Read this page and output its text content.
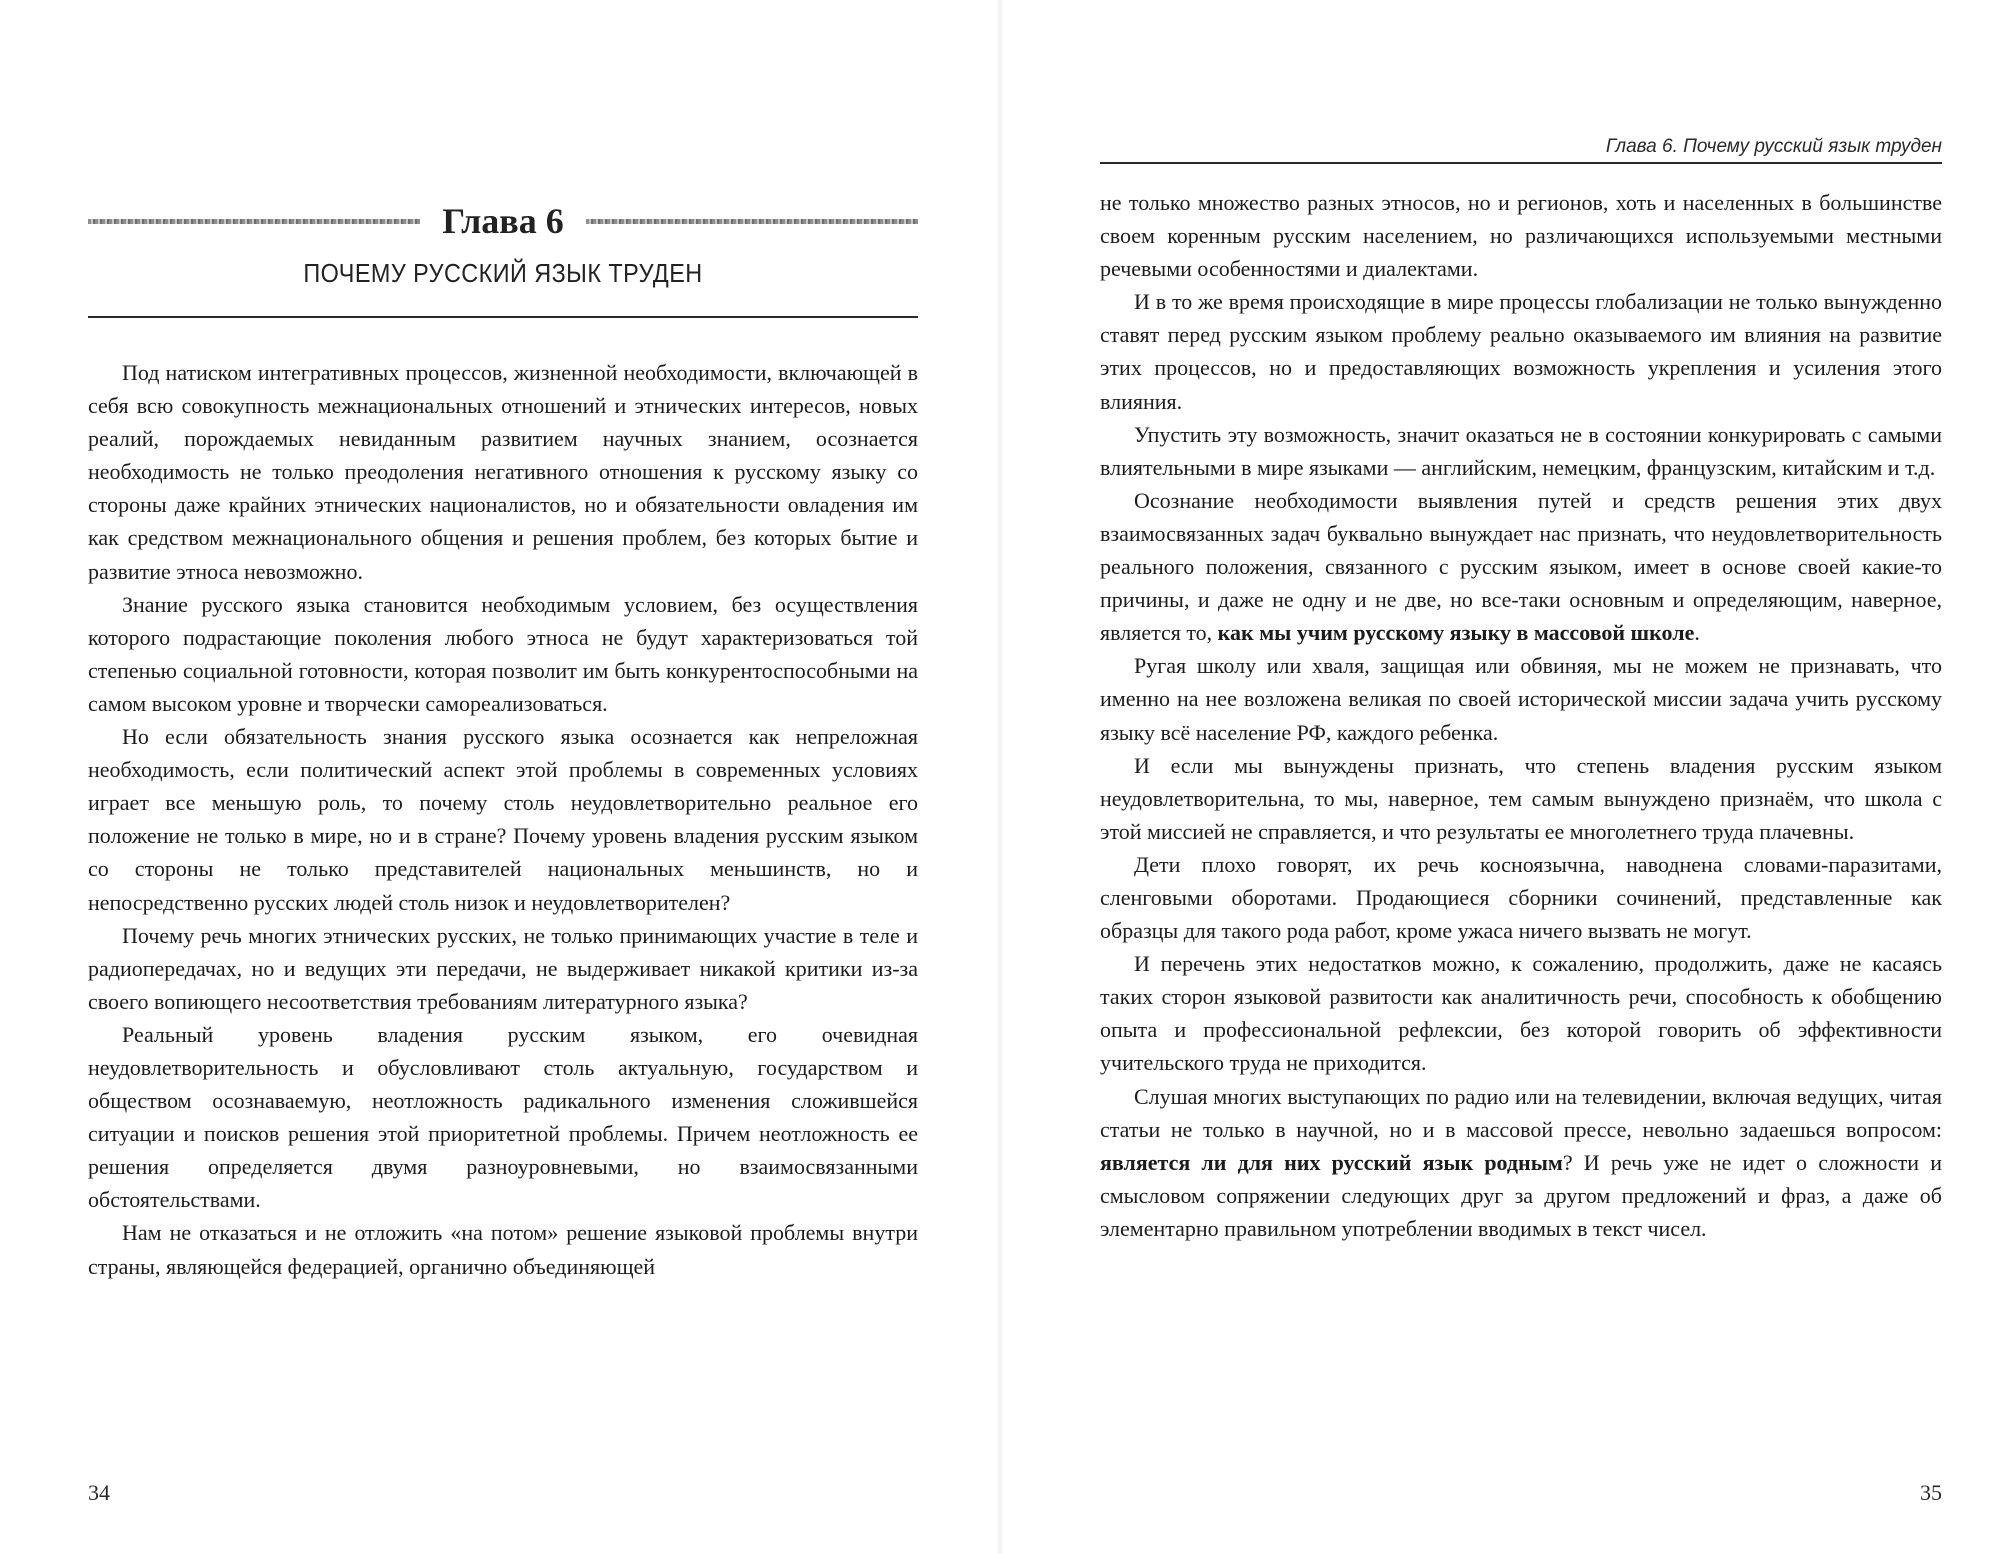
Глава 6
ПОЧЕМУ РУССКИЙ ЯЗЫК ТРУДЕН

Под натиском интегративных процессов, жизненной необходимости, включающей в себя всю совокупность межнациональных отношений и этнических интересов, новых реалий, порождаемых невиданным развитием научных знанием, осознается необходимость не только преодоления негативного отношения к русскому языку со стороны даже крайних этнических националистов, но и обязательности овладения им как средством межнационального общения и решения проблем, без которых бытие и развитие этноса невозможно.

Знание русского языка становится необходимым условием, без осуществления которого подрастающие поколения любого этноса не будут характеризоваться той степенью социальной готовности, которая позволит им быть конкурентоспособными на самом высоком уровне и творчески самореализоваться.

Но если обязательность знания русского языка осознается как непреложная необходимость, если политический аспект этой проблемы в современных условиях играет все меньшую роль, то почему столь неудовлетворительно реальное его положение не только в мире, но и в стране? Почему уровень владения русским языком со стороны не только представителей национальных меньшинств, но и непосредственно русских людей столь низок и неудовлетворителен?

Почему речь многих этнических русских, не только принимающих участие в теле и радиопередачах, но и ведущих эти передачи, не выдерживает никакой критики из-за своего вопиющего несоответствия требованиям литературного языка?

Реальный уровень владения русским языком, его очевидная неудовлетворительность и обусловливают столь актуальную, государством и обществом осознаваемую, неотложность радикального изменения сложившейся ситуации и поисков решения этой приоритетной проблемы. Причем неотложность ее решения определяется двумя разноуровневыми, но взаимосвязанными обстоятельствами.

Нам не отказаться и не отложить «на потом» решение языковой проблемы внутри страны, являющейся федерацией, органично объединяющей

34
Глава 6. Почему русский язык труден

не только множество разных этносов, но и регионов, хоть и населенных в большинстве своем коренным русским населением, но различающихся используемыми местными речевыми особенностями и диалектами.

И в то же время происходящие в мире процессы глобализации не только вынужденно ставят перед русским языком проблему реально оказываемого им влияния на развитие этих процессов, но и предоставляющих возможность укрепления и усиления этого влияния.

Упустить эту возможность, значит оказаться не в состоянии конкурировать с самыми влиятельными в мире языками — английским, немецким, французским, китайским и т.д.

Осознание необходимости выявления путей и средств решения этих двух взаимосвязанных задач буквально вынуждает нас признать, что неудовлетворительность реального положения, связанного с русским языком, имеет в основе своей какие-то причины, и даже не одну и не две, но все-таки основным и определяющим, наверное, является то, как мы учим русскому языку в массовой школе.

Ругая школу или хваля, защищая или обвиняя, мы не можем не признавать, что именно на нее возложена великая по своей исторической миссии задача учить русскому языку всё население РФ, каждого ребенка.

И если мы вынуждены признать, что степень владения русским языком неудовлетворительна, то мы, наверное, тем самым вынуждено признаём, что школа с этой миссией не справляется, и что результаты ее многолетнего труда плачевны.

Дети плохо говорят, их речь косноязычна, наводнена словами-паразитами, сленговыми оборотами. Продающиеся сборники сочинений, представленные как образцы для такого рода работ, кроме ужаса ничего вызвать не могут.

И перечень этих недостатков можно, к сожалению, продолжить, даже не касаясь таких сторон языковой развитости как аналитичность речи, способность к обобщению опыта и профессиональной рефлексии, без которой говорить об эффективности учительского труда не приходится.

Слушая многих выступающих по радио или на телевидении, включая ведущих, читая статьи не только в научной, но и в массовой прессе, невольно задаешься вопросом: является ли для них русский язык родным? И речь уже не идет о сложности и смысловом сопряжении следующих друг за другом предложений и фраз, а даже об элементарно правильном употреблении вводимых в текст чисел.

35
